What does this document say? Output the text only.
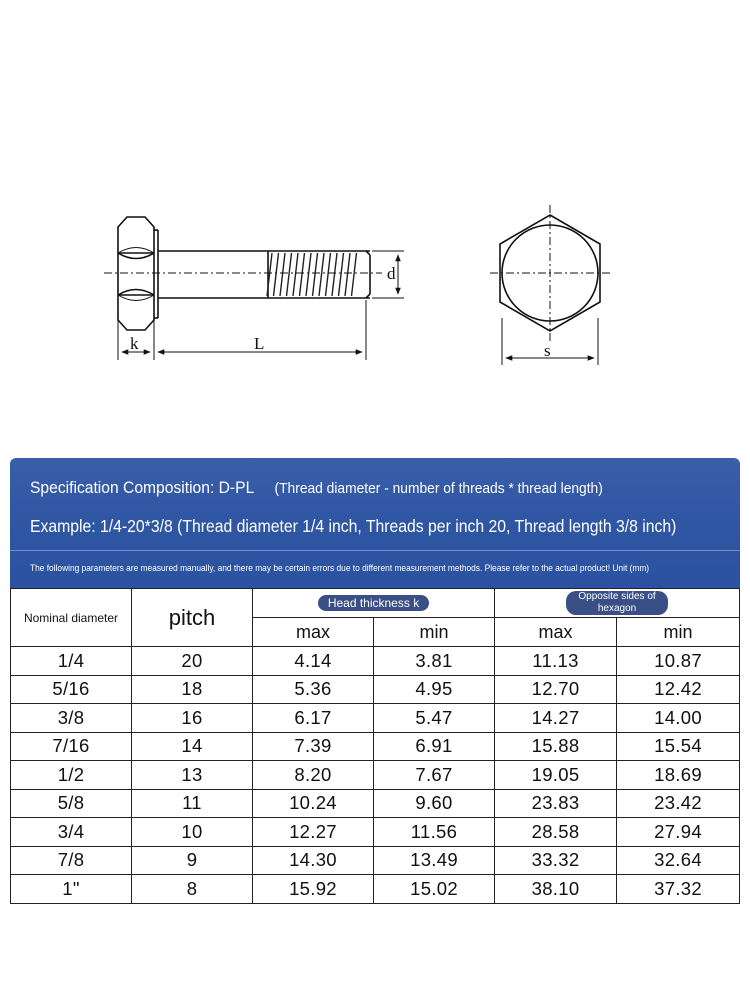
k	L
d
s
Specification Composition: D-PL (Thread diameter - number of threads * thread length)
Example: 1/4-20*3/8 (Thread diameter 1/4 inch, Threads per inch 20, Thread length 3/8 inch)
The following parameters are measured manually, and there may be certain errors due to different measurement methods. Please refer to the actual product! Unit (mm)
Nominal diameter	pitch	Head thickness k		Opposite sides of
hexagon	
		max	min	max	min
1/4	20	4.14	3.81	11.13	10.87
5/16	18	5.36	4.95	12.70	12.42
3/8	16	6.17	5.47	14.27	14.00
7/16	14	7.39	6.91	15.88	15.54
1/2	13	8.20	7.67	19.05	18.69
5/8	11	10.24	9.60	23.83	23.42
3/4	10	12.27	11.56	28.58	27.94
7/8	9	14.30	13.49	33.32	32.64
1"	8	15.92	15.02	38.10	37.32
